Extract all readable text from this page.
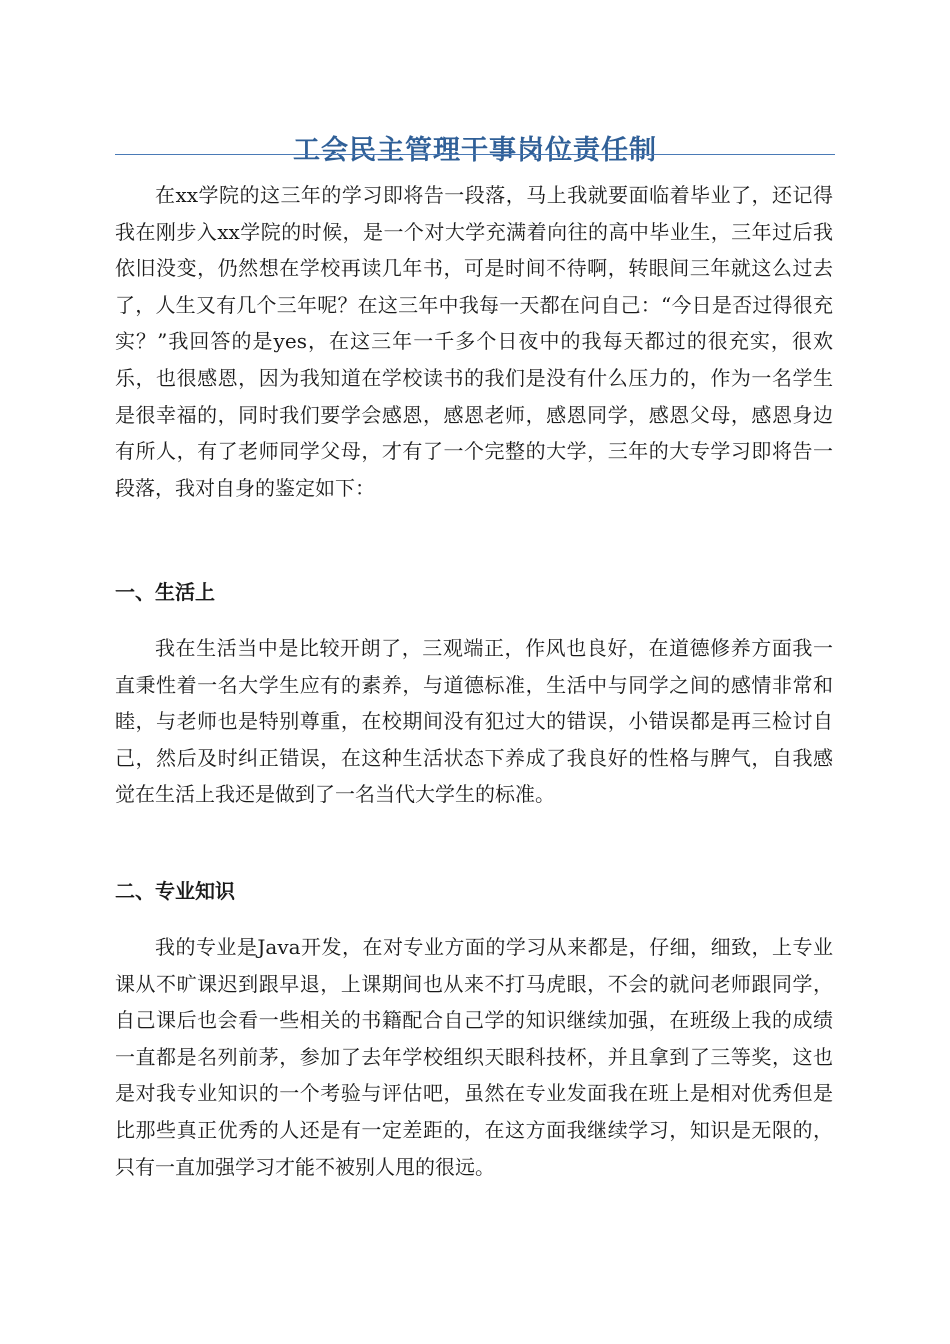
工会民主管理干事岗位责任制

在xx学院的这三年的学习即将告一段落，马上我就要面临着毕业了，还记得我在刚步入xx学院的时候，是一个对大学充满着向往的高中毕业生，三年过后我依旧没变，仍然想在学校再读几年书，可是时间不待啊，转眼间三年就这么过去了，人生又有几个三年呢？在这三年中我每一天都在问自己：“今日是否过得很充实？”我回答的是yes，在这三年一千多个日夜中的我每天都过的很充实，很欢乐，也很感恩，因为我知道在学校读书的我们是没有什么压力的，作为一名学生是很幸福的，同时我们要学会感恩，感恩老师，感恩同学，感恩父母，感恩身边有所人，有了老师同学父母，才有了一个完整的大学，三年的大专学习即将告一段落，我对自身的鉴定如下：

一、生活上

我在生活当中是比较开朗了，三观端正，作风也良好，在道德修养方面我一直秉性着一名大学生应有的素养，与道德标准，生活中与同学之间的感情非常和睦，与老师也是特别尊重，在校期间没有犯过大的错误，小错误都是再三检讨自己，然后及时纠正错误，在这种生活状态下养成了我良好的性格与脾气，自我感觉在生活上我还是做到了一名当代大学生的标准。

二、专业知识

我的专业是Java开发，在对专业方面的学习从来都是，仔细，细致，上专业课从不旷课迟到跟早退，上课期间也从来不打马虎眼，不会的就问老师跟同学，自己课后也会看一些相关的书籍配合自己学的知识继续加强，在班级上我的成绩一直都是名列前茅，参加了去年学校组织天眼科技杯，并且拿到了三等奖，这也是对我专业知识的一个考验与评估吧，虽然在专业发面我在班上是相对优秀但是比那些真正优秀的人还是有一定差距的，在这方面我继续学习，知识是无限的，只有一直加强学习才能不被别人甩的很远。
